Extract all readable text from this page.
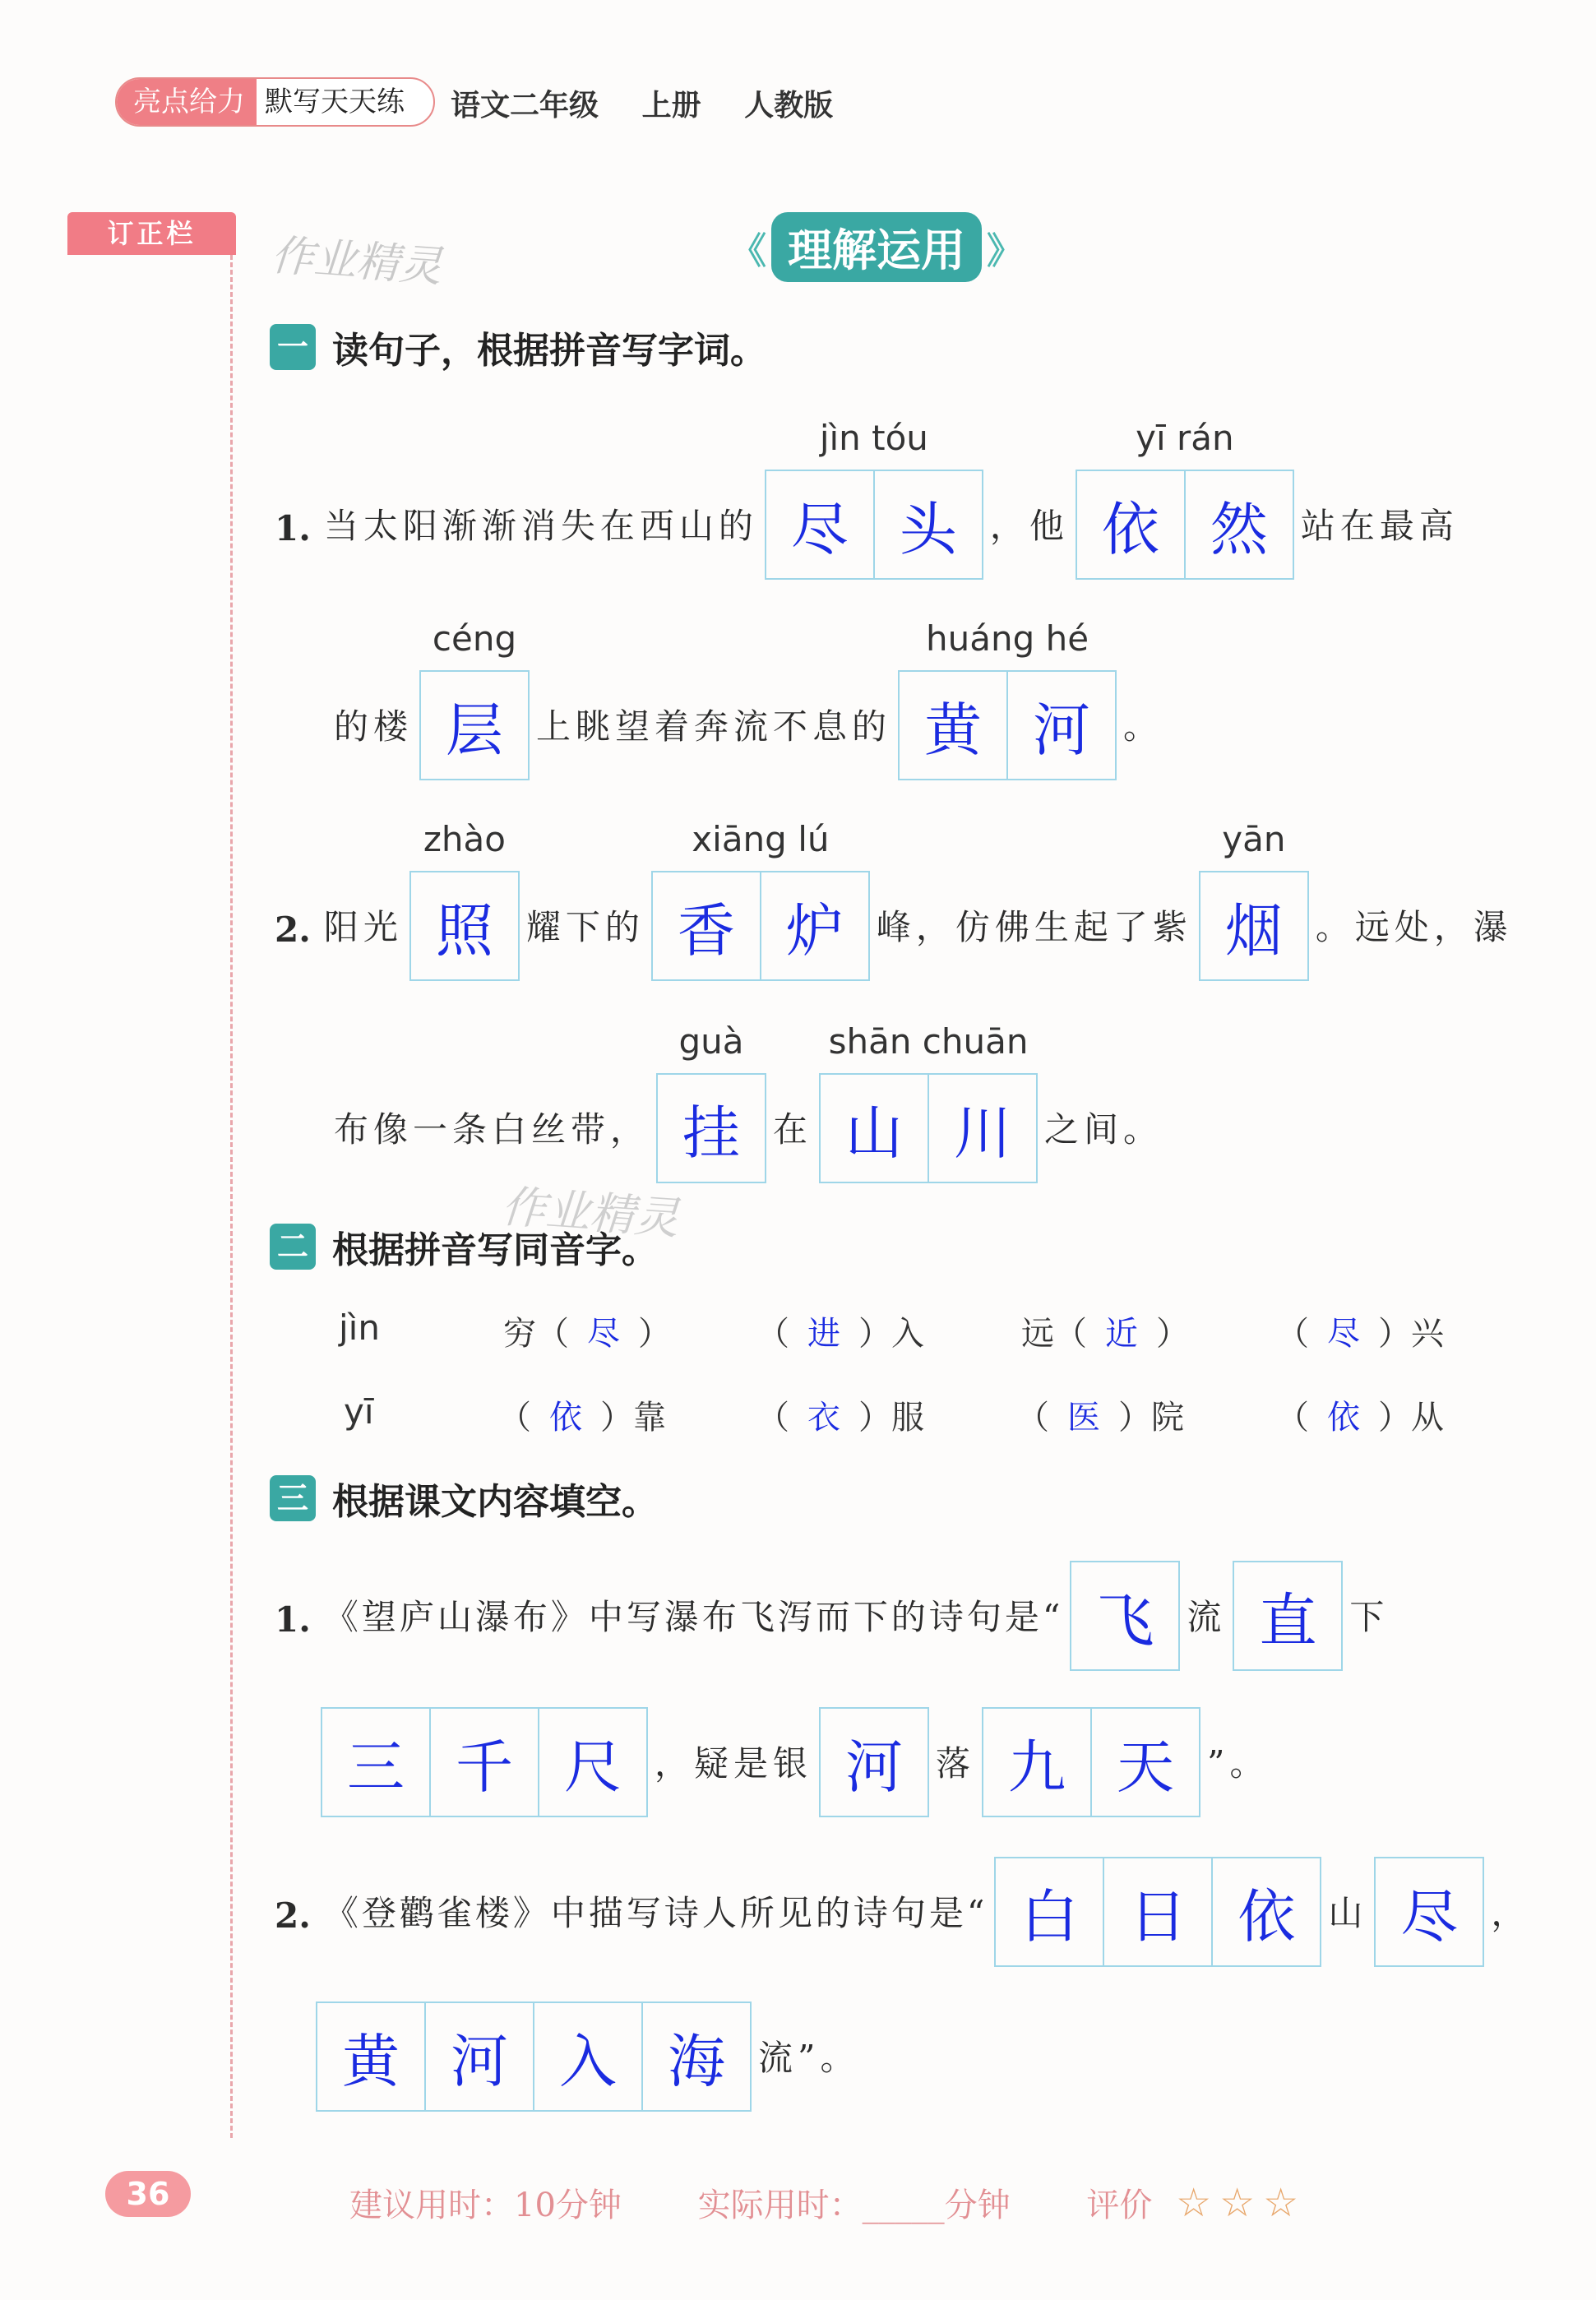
亮点给力 默写天天练 语文二年级 上册 人教版
订正栏	作业精灵	《 理解运用 》
一 读句子，根据拼音写字词。
1. 当太阳渐渐消失在西山的
jìn tóu
尽 头 ，他
yī rán
依 然 站在最高
的楼
céng
层 上眺望着奔流不息的
huáng hé
黄 河 。
2. 阳光
zhào
照 耀下的
xiāng lú
香 炉 峰，仿佛生起了紫
yān
烟 。远处，瀑
布像一条白丝带，
guà
挂 在
shān chuān
山 川 之间。
作业精灵
二 根据拼音写同音字。
jìn	穷（ 尽 ）	（ 进 ）入	远（ 近 ）	（ 尽 ）兴
yī	（ 依 ）靠	（ 衣 ）服	（ 医 ）院	（ 依 ）从
三 根据课文内容填空。
1. 《望庐山瀑布》中写瀑布飞泻而下的诗句是“ 飞 流 直 下
三 千 尺 ，疑是银 河 落 九 天 ”。
2. 《登鹳雀楼》中描写诗人所见的诗句是“ 白 日 依 山 尽 ，
黄 河 入 海 流”。
36	建议用时：10分钟 实际用时：_____分钟 评价 ☆☆☆
